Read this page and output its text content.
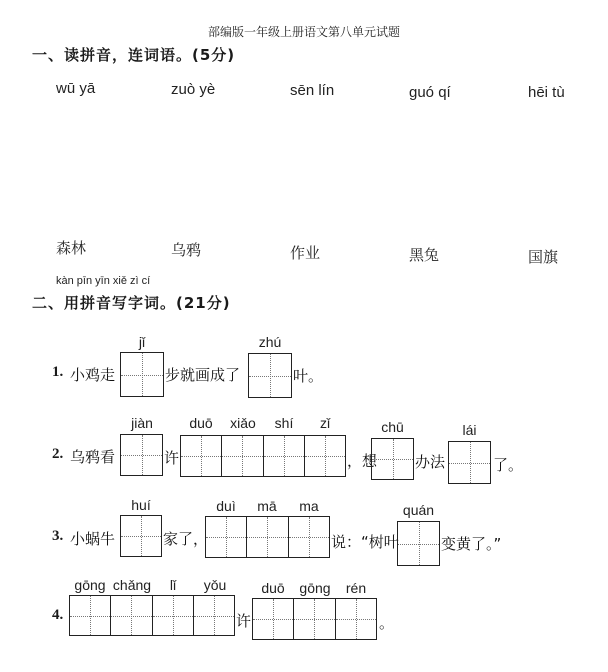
部编版一年级上册语文第八单元试题
一、读拼音，连词语。(5分)
wū yā	zuò yè	sēn lín	guó qí	hēi tù
森林	乌鸦	作业	黑兔	国旗
kàn pīn yīn xiě zì cí
二、用拼音写字词。(21分)
1. 小鸡走
jǐ
步就画成了
zhú
叶。
2. 乌鸦看
jiàn
许
duō	xiǎo	shí	zǐ
，想
chū
办法
lái
了。
3. 小蜗牛
huí
家了，
duì	mā	ma
说：“树叶
quán
变黄了。”
4.
gōng chǎng	lǐ	yǒu
许
duō	gōng	rén
。
